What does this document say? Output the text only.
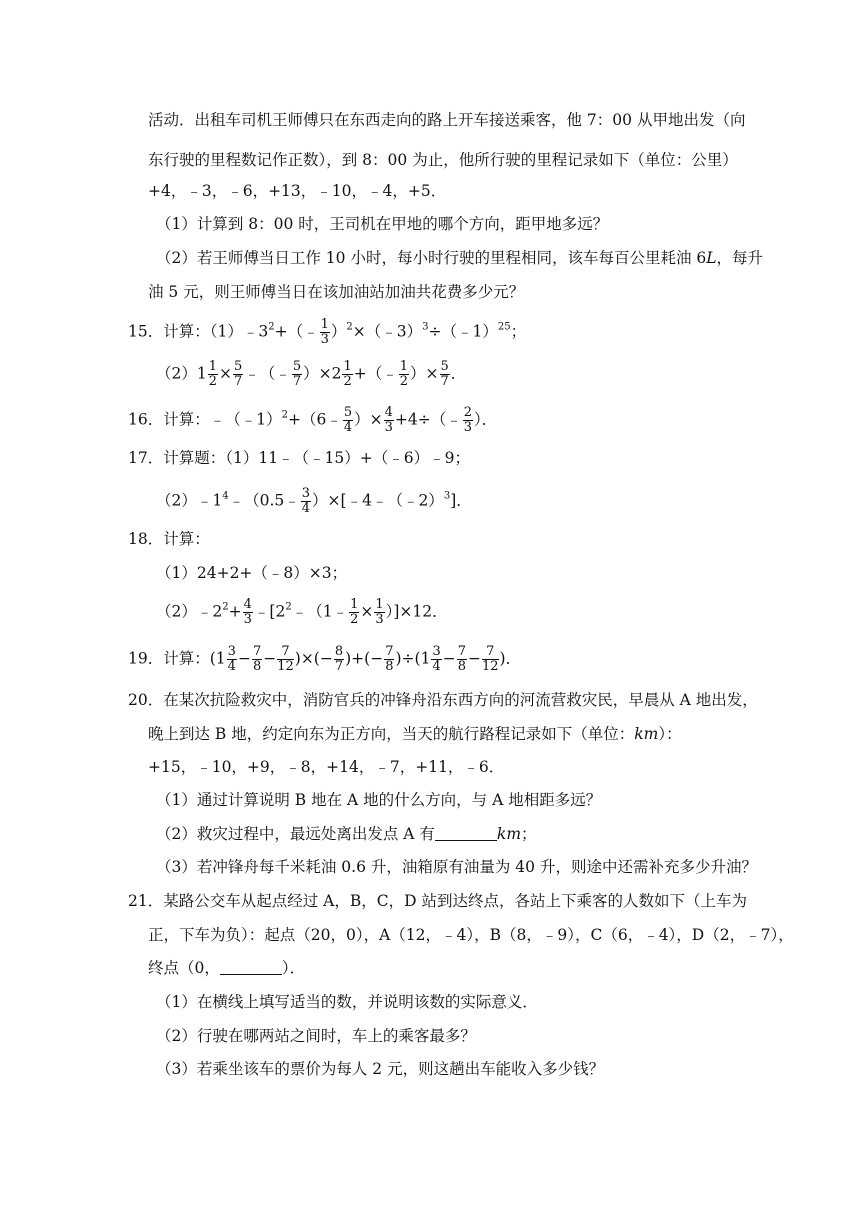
活动．出租车司机王师傅只在东西走向的路上开车接送乘客，他 7：00 从甲地出发（向
东行驶的里程数记作正数），到 8：00 为止，他所行驶的里程记录如下（单位：公里）
+4，﹣3，﹣6，+13，﹣10，﹣4，+5．
（1）计算到 8：00 时，王司机在甲地的哪个方向，距甲地多远？
（2）若王师傅当日工作 10 小时，每小时行驶的里程相同，该车每百公里耗油 6L，每升
油 5 元，则王师傅当日在该加油站加油共花费多少元？
15．计算：$(1)﹣3^2+(﹣ \frac{1}{3}$ ）$^2$×（﹣3）$^3$÷（﹣1）$^{25}$；
$(2)1 \frac{1}{2} \times \frac{5}{7}$ ﹣（﹣ $\frac{5}{7} )\times 2 \frac{1}{2}$ +（﹣ $\frac{1}{2}$ ）× $\frac{5}{7}$ ．
16．计算：﹣（﹣1）$^2$+（6﹣ $\frac{5}{4}$ ）× $\frac{4}{3}$ +4÷（﹣ $\frac{2}{3}$ ）．
17．计算题：（1）11﹣（﹣15）+（﹣6）﹣9；
$(2)﹣1^4﹣(0.5﹣ \frac{3}{4}$ ）×[﹣4﹣（﹣2）$^3$]．
18．计算：
（1）24+2+（﹣8）×3；
$(2)﹣2^2+ \frac{4}{3}$ $﹣[2^2﹣(1﹣ \frac{1}{2} \times \frac{1}{3} )]\times 12$．
19．计算：($1 \frac{3}{4} - \frac{7}{8} - \frac{7}{12}$ )×(− $\frac{8}{7}$ )+(− $\frac{7}{8} )\div(1 \frac{3}{4} - \frac{7}{8} - \frac{7}{12}$ )．
20．在某次抗险救灾中，消防官兵的冲锋舟沿东西方向的河流营救灾民，早晨从 A 地出发，
晚上到达 B 地，约定向东为正方向，当天的航行路程记录如下（单位：km）：
+15，﹣10，+9，﹣8，+14，﹣7，+11，﹣6．
（1）通过计算说明 B 地在 A 地的什么方向，与 A 地相距多远？
（2）救灾过程中，最远处离出发点 A 有	km；
（3）若冲锋舟每千米耗油 0.6 升，油箱原有油量为 40 升，则途中还需补充多少升油？
21．某路公交车从起点经过 A，B，C，D 站到达终点，各站上下乘客的人数如下（上车为
正，下车为负）：起点（20，0），A（12，﹣4），B（8，﹣9），C（6，﹣4），D（2，﹣7），
终点（0，	）．
（1）在横线上填写适当的数，并说明该数的实际意义．
（2）行驶在哪两站之间时，车上的乘客最多？
（3）若乘坐该车的票价为每人 2 元，则这趟出车能收入多少钱？
